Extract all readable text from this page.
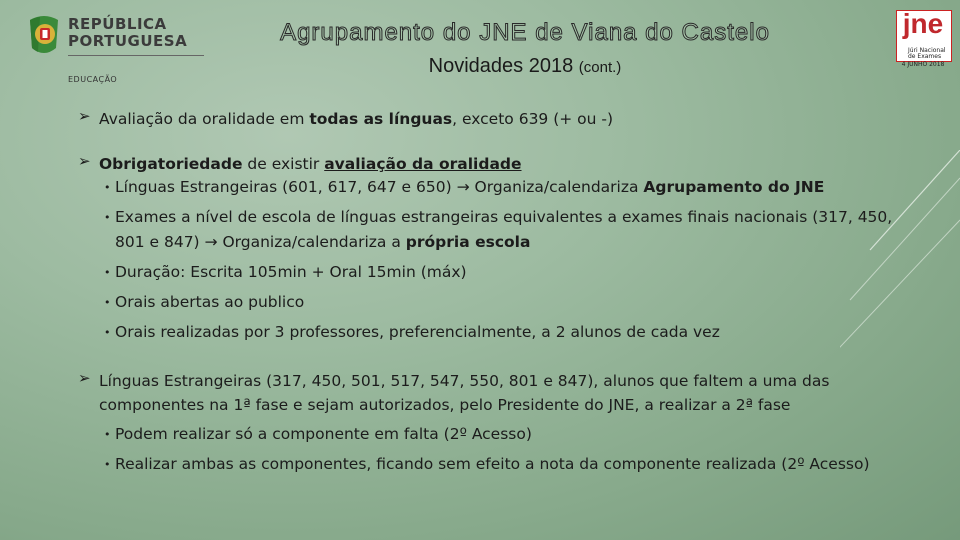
REPÚBLICA
PORTUGUESA
EDUCAÇÃO
Agrupamento do JNE de Viana do Castelo
Novidades 2018 (cont.)
jne
Júri Nacional de Exames
4 JUNHO 2018
➢ Avaliação da oralidade em todas as línguas, exceto 639 (+ ou -)
➢ Obrigatoriedade de existir avaliação da oralidade
• Línguas Estrangeiras (601, 617, 647 e 650) → Organiza/calendariza Agrupamento do JNE
• Exames a nível de escola de línguas estrangeiras equivalentes a exames finais nacionais (317, 450, 801 e 847) → Organiza/calendariza a própria escola
• Duração: Escrita 105min + Oral 15min (máx)
• Orais abertas ao publico
• Orais realizadas por 3 professores, preferencialmente, a 2 alunos de cada vez
➢ Línguas Estrangeiras (317, 450, 501, 517, 547, 550, 801 e 847), alunos que faltem a uma das componentes na 1ª fase e sejam autorizados, pelo Presidente do JNE, a realizar a 2ª fase
• Podem realizar só a componente em falta (2º Acesso)
• Realizar ambas as componentes, ficando sem efeito a nota da componente realizada (2º Acesso)
